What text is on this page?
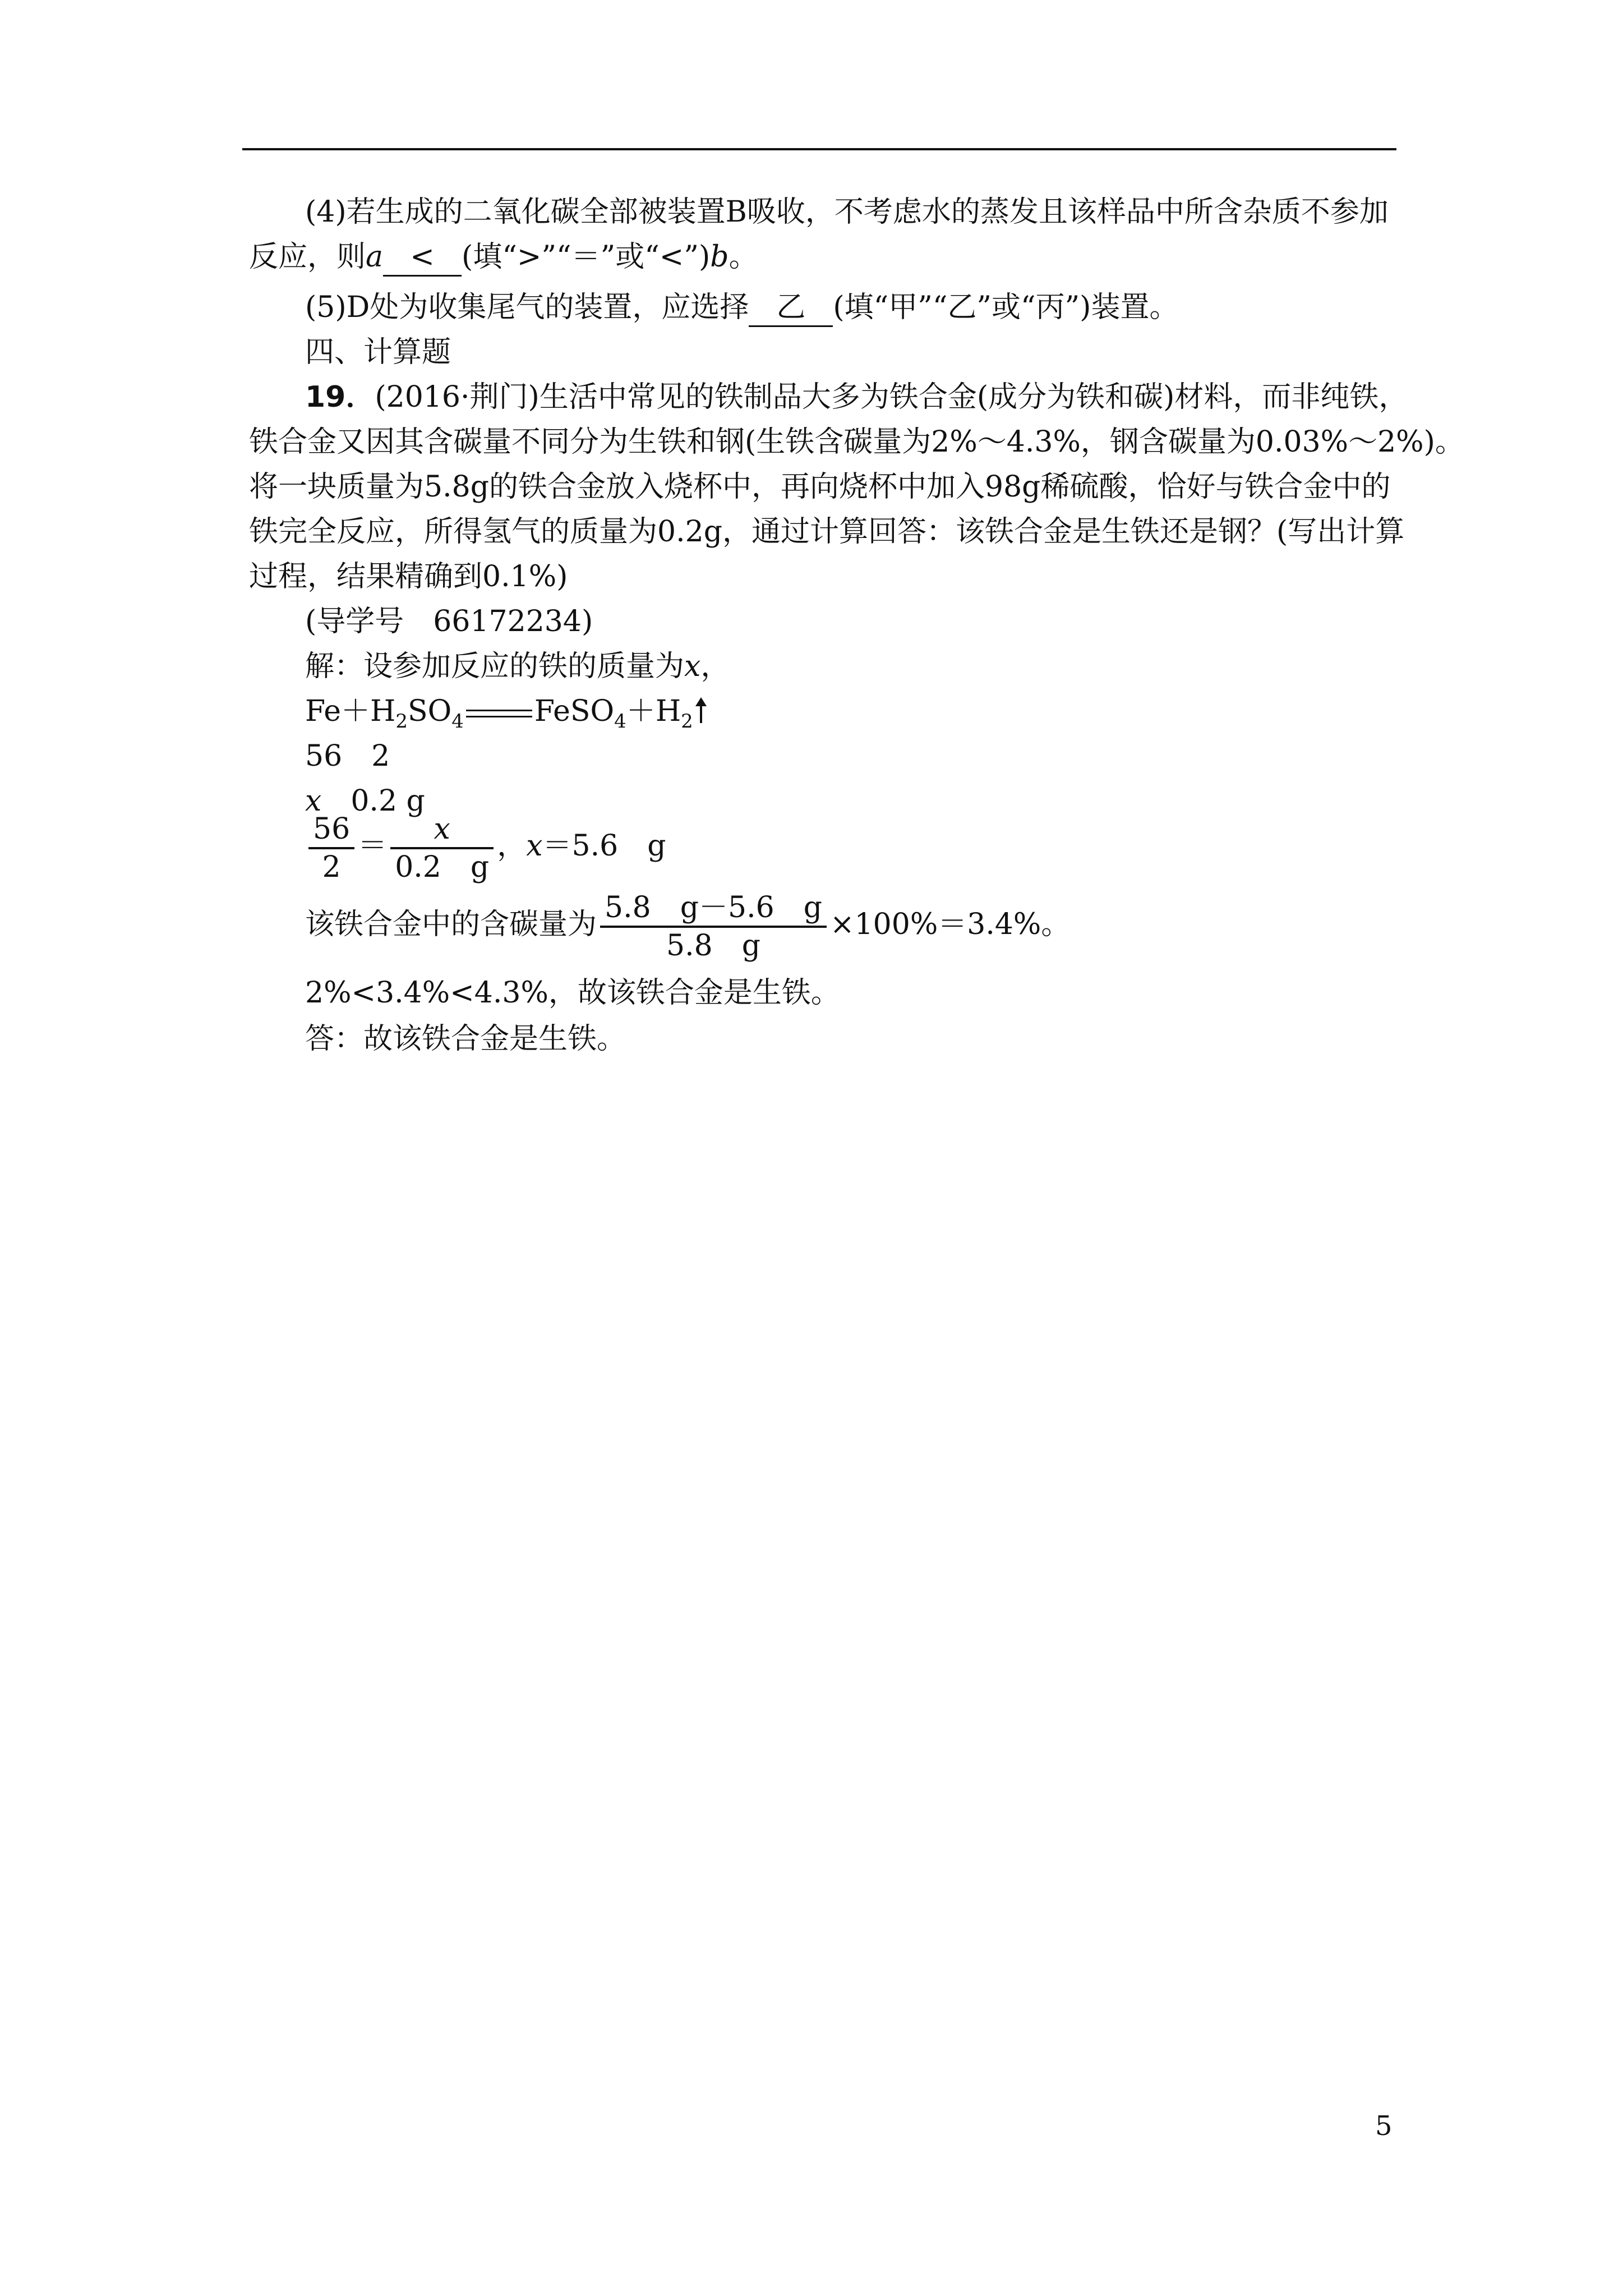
(4)若生成的二氧化碳全部被装置B吸收，不考虑水的蒸发且该样品中所含杂质不参加
反应，则a < (填“>”“＝”或“<”)b。
(5)D处为收集尾气的装置，应选择 乙 (填“甲”“乙”或“丙”)装置。
四、计算题
19．(2016·荆门)生活中常见的铁制品大多为铁合金(成分为铁和碳)材料，而非纯铁，
铁合金又因其含碳量不同分为生铁和钢(生铁含碳量为2%～4.3%，钢含碳量为0.03%～2%)。
将一块质量为5.8g的铁合金放入烧杯中，再向烧杯中加入98g稀硫酸，恰好与铁合金中的
铁完全反应，所得氢气的质量为0.2g，通过计算回答：该铁合金是生铁还是钢？(写出计算
过程，结果精确到0.1%)
(导学号　66172234)
解：设参加反应的铁的质量为x，
$Fe+H_2SO_4$ $FeSO_4+H_2$
56　2
x　0.2 g
$\frac{56}{2} = \frac{x}{0.2 g}$ ，x＝5.6　g
该铁合金中的含碳量为 $\frac{5.8 g-5.6 g}{5.8 g} \times 100\%=3.4\%$。
2%<3.4%<4.3%，故该铁合金是生铁。
答：故该铁合金是生铁。
5
